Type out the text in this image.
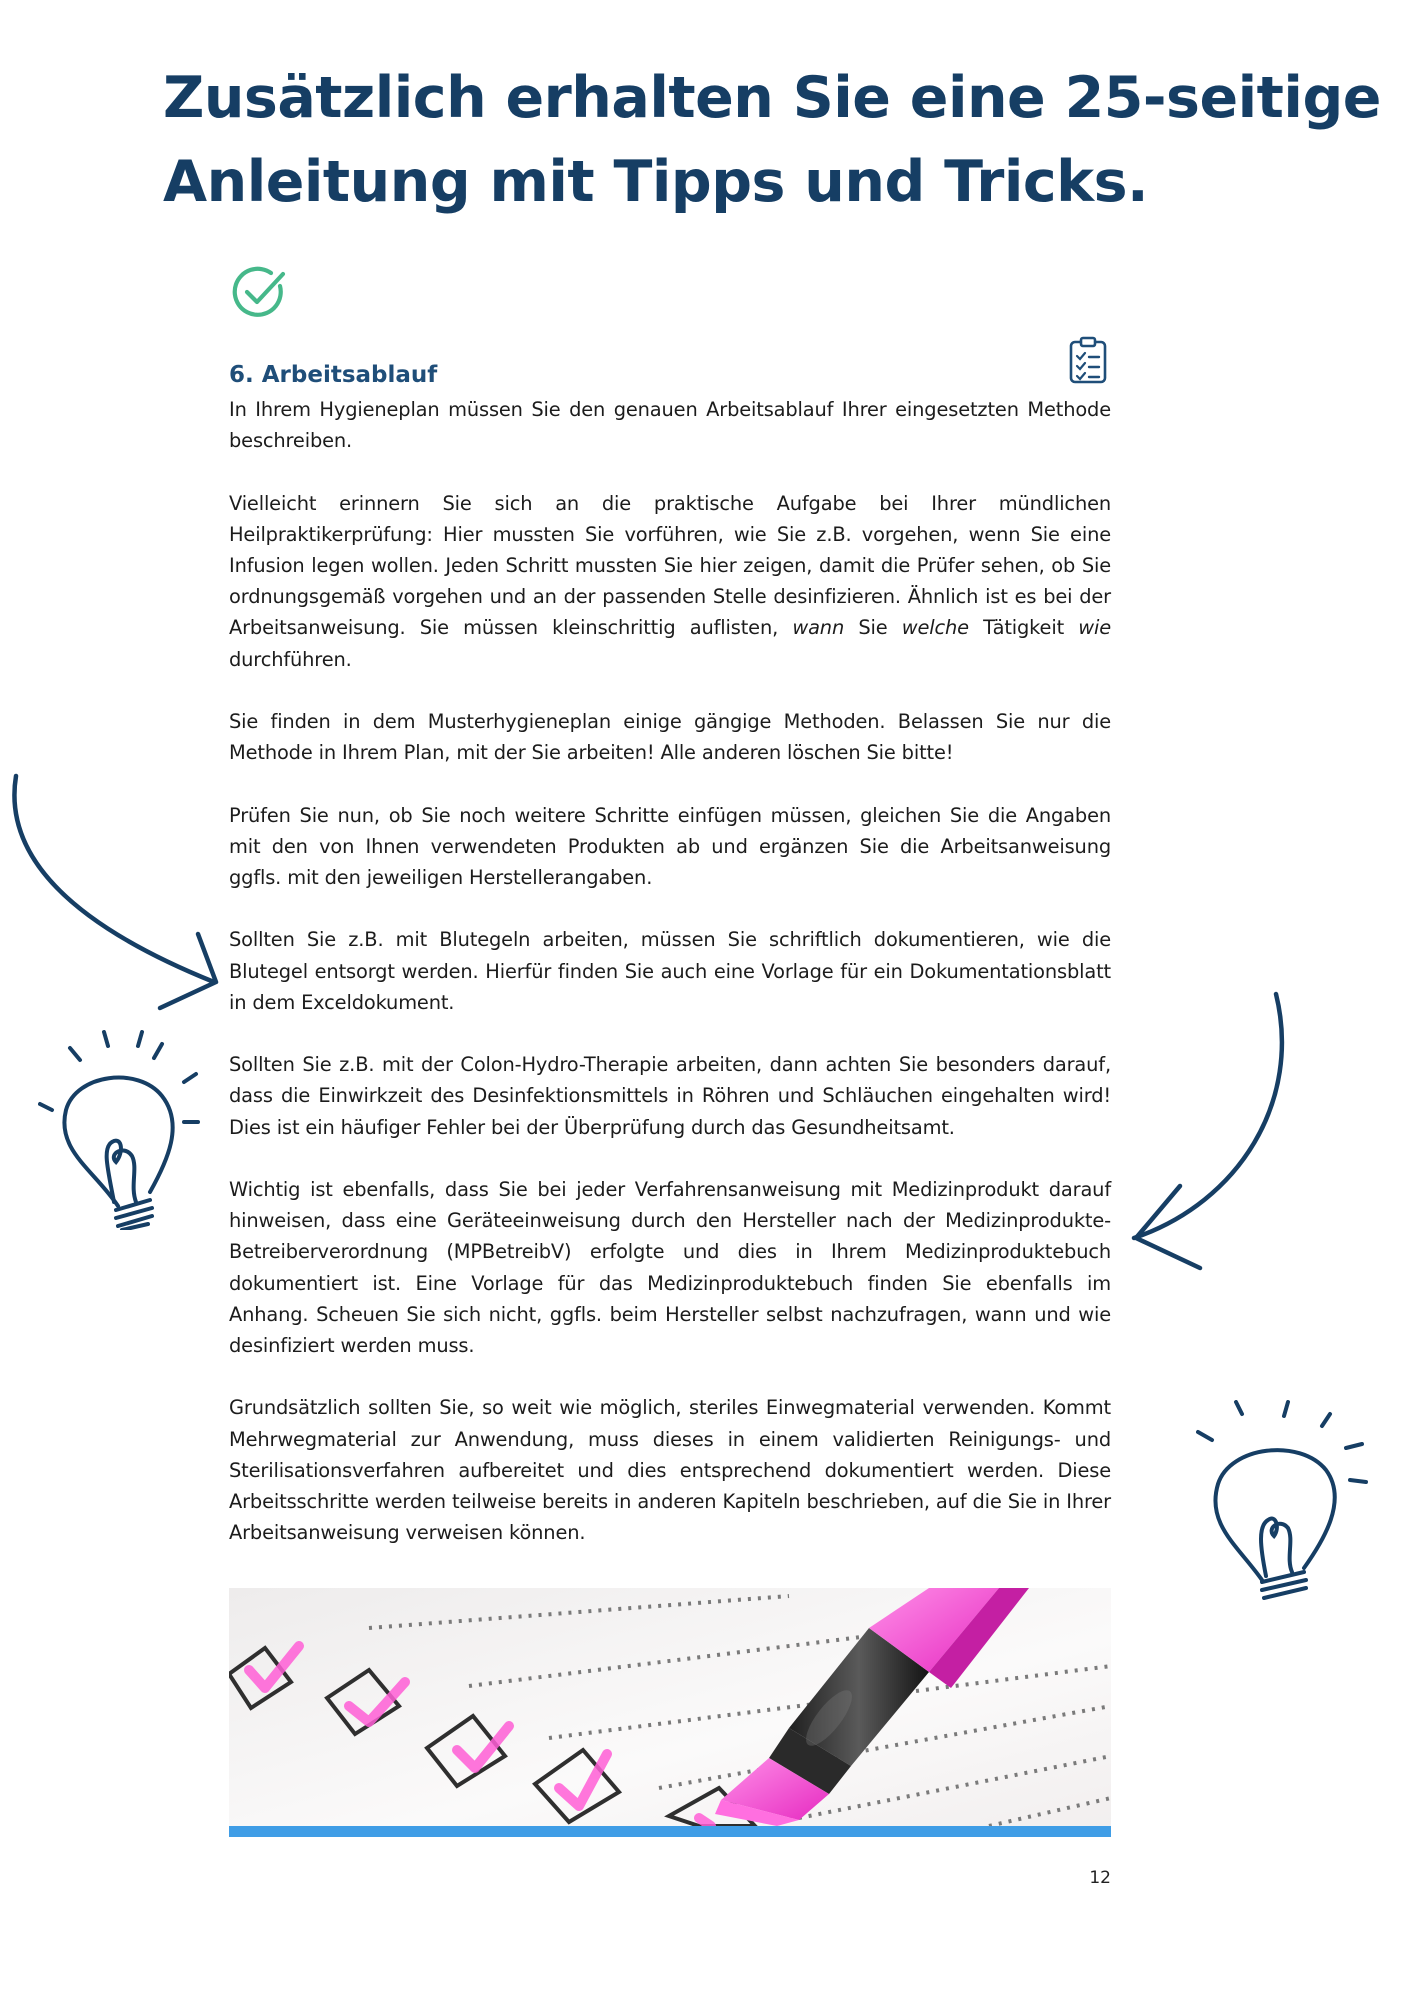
Zusätzlich erhalten Sie eine 25-seitige
Anleitung mit Tipps und Tricks.
6. Arbeitsablauf

In Ihrem Hygieneplan müssen Sie den genauen Arbeitsablauf Ihrer eingesetzten Methode beschreiben.

Vielleicht erinnern Sie sich an die praktische Aufgabe bei Ihrer mündlichen Heilpraktikerprüfung: Hier mussten Sie vorführen, wie Sie z.B. vorgehen, wenn Sie eine Infusion legen wollen. Jeden Schritt mussten Sie hier zeigen, damit die Prüfer sehen, ob Sie ordnungsgemäß vorgehen und an der passenden Stelle desinfizieren. Ähnlich ist es bei der Arbeitsanweisung. Sie müssen kleinschrittig auflisten, wann Sie welche Tätigkeit wie durchführen.

Sie finden in dem Musterhygieneplan einige gängige Methoden. Belassen Sie nur die Methode in Ihrem Plan, mit der Sie arbeiten! Alle anderen löschen Sie bitte!

Prüfen Sie nun, ob Sie noch weitere Schritte einfügen müssen, gleichen Sie die Angaben mit den von Ihnen verwendeten Produkten ab und ergänzen Sie die Arbeitsanweisung ggfls. mit den jeweiligen Herstellerangaben.

Sollten Sie z.B. mit Blutegeln arbeiten, müssen Sie schriftlich dokumentieren, wie die Blutegel entsorgt werden. Hierfür finden Sie auch eine Vorlage für ein Dokumentationsblatt in dem Exceldokument.

Sollten Sie z.B. mit der Colon-Hydro-Therapie arbeiten, dann achten Sie besonders darauf, dass die Einwirkzeit des Desinfektionsmittels in Röhren und Schläuchen eingehalten wird! Dies ist ein häufiger Fehler bei der Überprüfung durch das Gesundheitsamt.

Wichtig ist ebenfalls, dass Sie bei jeder Verfahrensanweisung mit Medizinprodukt darauf hinweisen, dass eine Geräteeinweisung durch den Hersteller nach der Medizinprodukte-Betreiberverordnung (MPBetreibV) erfolgte und dies in Ihrem Medizinproduktebuch dokumentiert ist. Eine Vorlage für das Medizinproduktebuch finden Sie ebenfalls im Anhang. Scheuen Sie sich nicht, ggfls. beim Hersteller selbst nachzufragen, wann und wie desinfiziert werden muss.

Grundsätzlich sollten Sie, so weit wie möglich, steriles Einwegmaterial verwenden. Kommt Mehrwegmaterial zur Anwendung, muss dieses in einem validierten Reinigungs- und Sterilisationsverfahren aufbereitet und dies entsprechend dokumentiert werden. Diese Arbeitsschritte werden teilweise bereits in anderen Kapiteln beschrieben, auf die Sie in Ihrer Arbeitsanweisung verweisen können.

12
